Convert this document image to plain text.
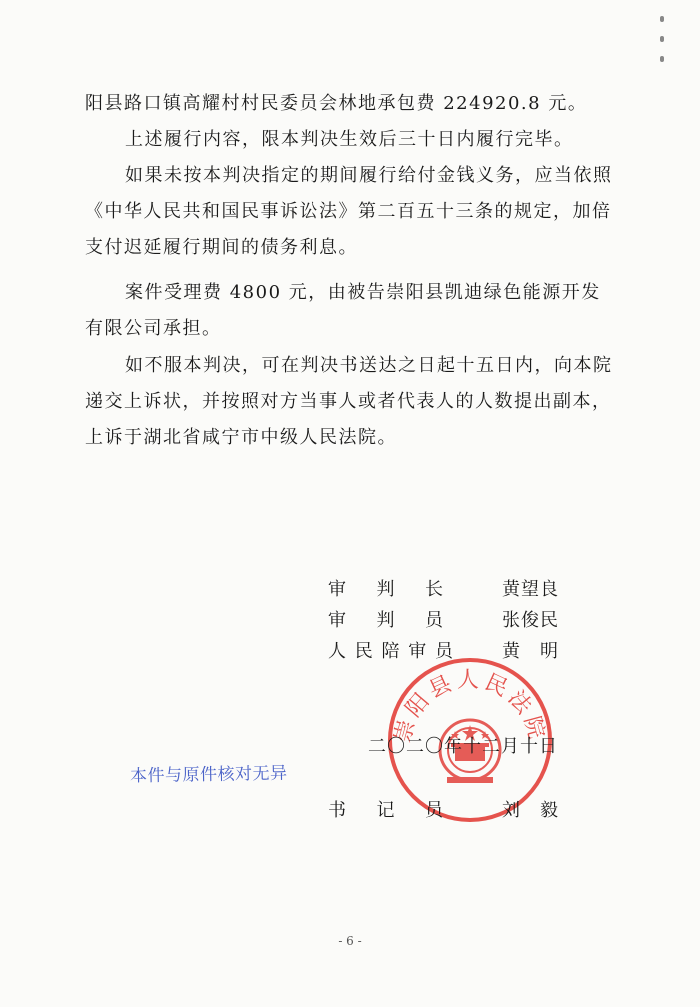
阳县路口镇高耀村村民委员会林地承包费 224920.8 元。

上述履行内容，限本判决生效后三十日内履行完毕。

如果未按本判决指定的期间履行给付金钱义务，应当依照《中华人民共和国民事诉讼法》第二百五十三条的规定，加倍支付迟延履行期间的债务利息。

案件受理费 4800 元，由被告崇阳县凯迪绿色能源开发有限公司承担。

如不服本判决，可在判决书送达之日起十五日内，向本院递交上诉状，并按照对方当事人或者代表人的人数提出副本，上诉于湖北省咸宁市中级人民法院。

审 判 长	黄 望 良
审 判 员	张 俊 民
人 民 陪 审 员	黄 明
崇阳县人民法院
二〇二〇年十二月十日
本件与原件核对无异
书 记 员	刘 毅
- 6 -
